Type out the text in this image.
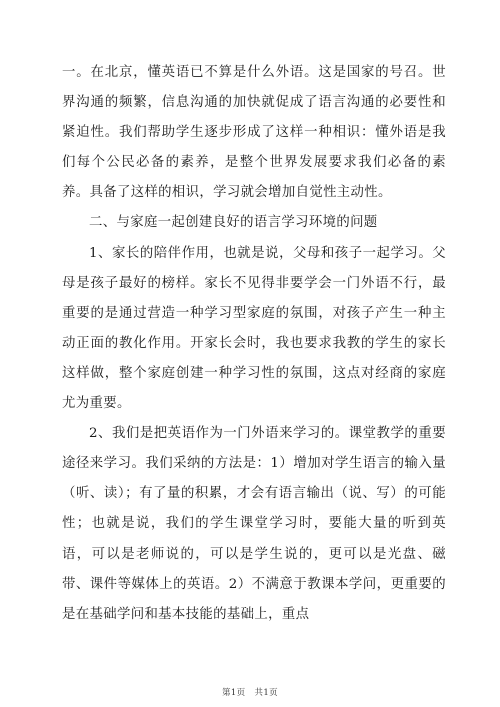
一。在北京，懂英语已不算是什么外语。这是国家的号召。世界沟通的频繁，信息沟通的加快就促成了语言沟通的必要性和紧迫性。我们帮助学生逐步形成了这样一种相识：懂外语是我们每个公民必备的素养，是整个世界发展要求我们必备的素养。具备了这样的相识，学习就会增加自觉性主动性。

二、与家庭一起创建良好的语言学习环境的问题

1、家长的陪伴作用，也就是说，父母和孩子一起学习。父母是孩子最好的榜样。家长不见得非要学会一门外语不行，最重要的是通过营造一种学习型家庭的氛围，对孩子产生一种主动正面的教化作用。开家长会时，我也要求我教的学生的家长这样做，整个家庭创建一种学习性的氛围，这点对经商的家庭尤为重要。

2、我们是把英语作为一门外语来学习的。课堂教学的重要途径来学习。我们采纳的方法是：1）增加对学生语言的输入量（听、读）；有了量的积累，才会有语言输出（说、写）的可能性；也就是说，我们的学生课堂学习时，要能大量的听到英语，可以是老师说的，可以是学生说的，更可以是光盘、磁带、课件等媒体上的英语。2）不满意于教课本学问，更重要的是在基础学问和基本技能的基础上，重点

第1页　共1页
